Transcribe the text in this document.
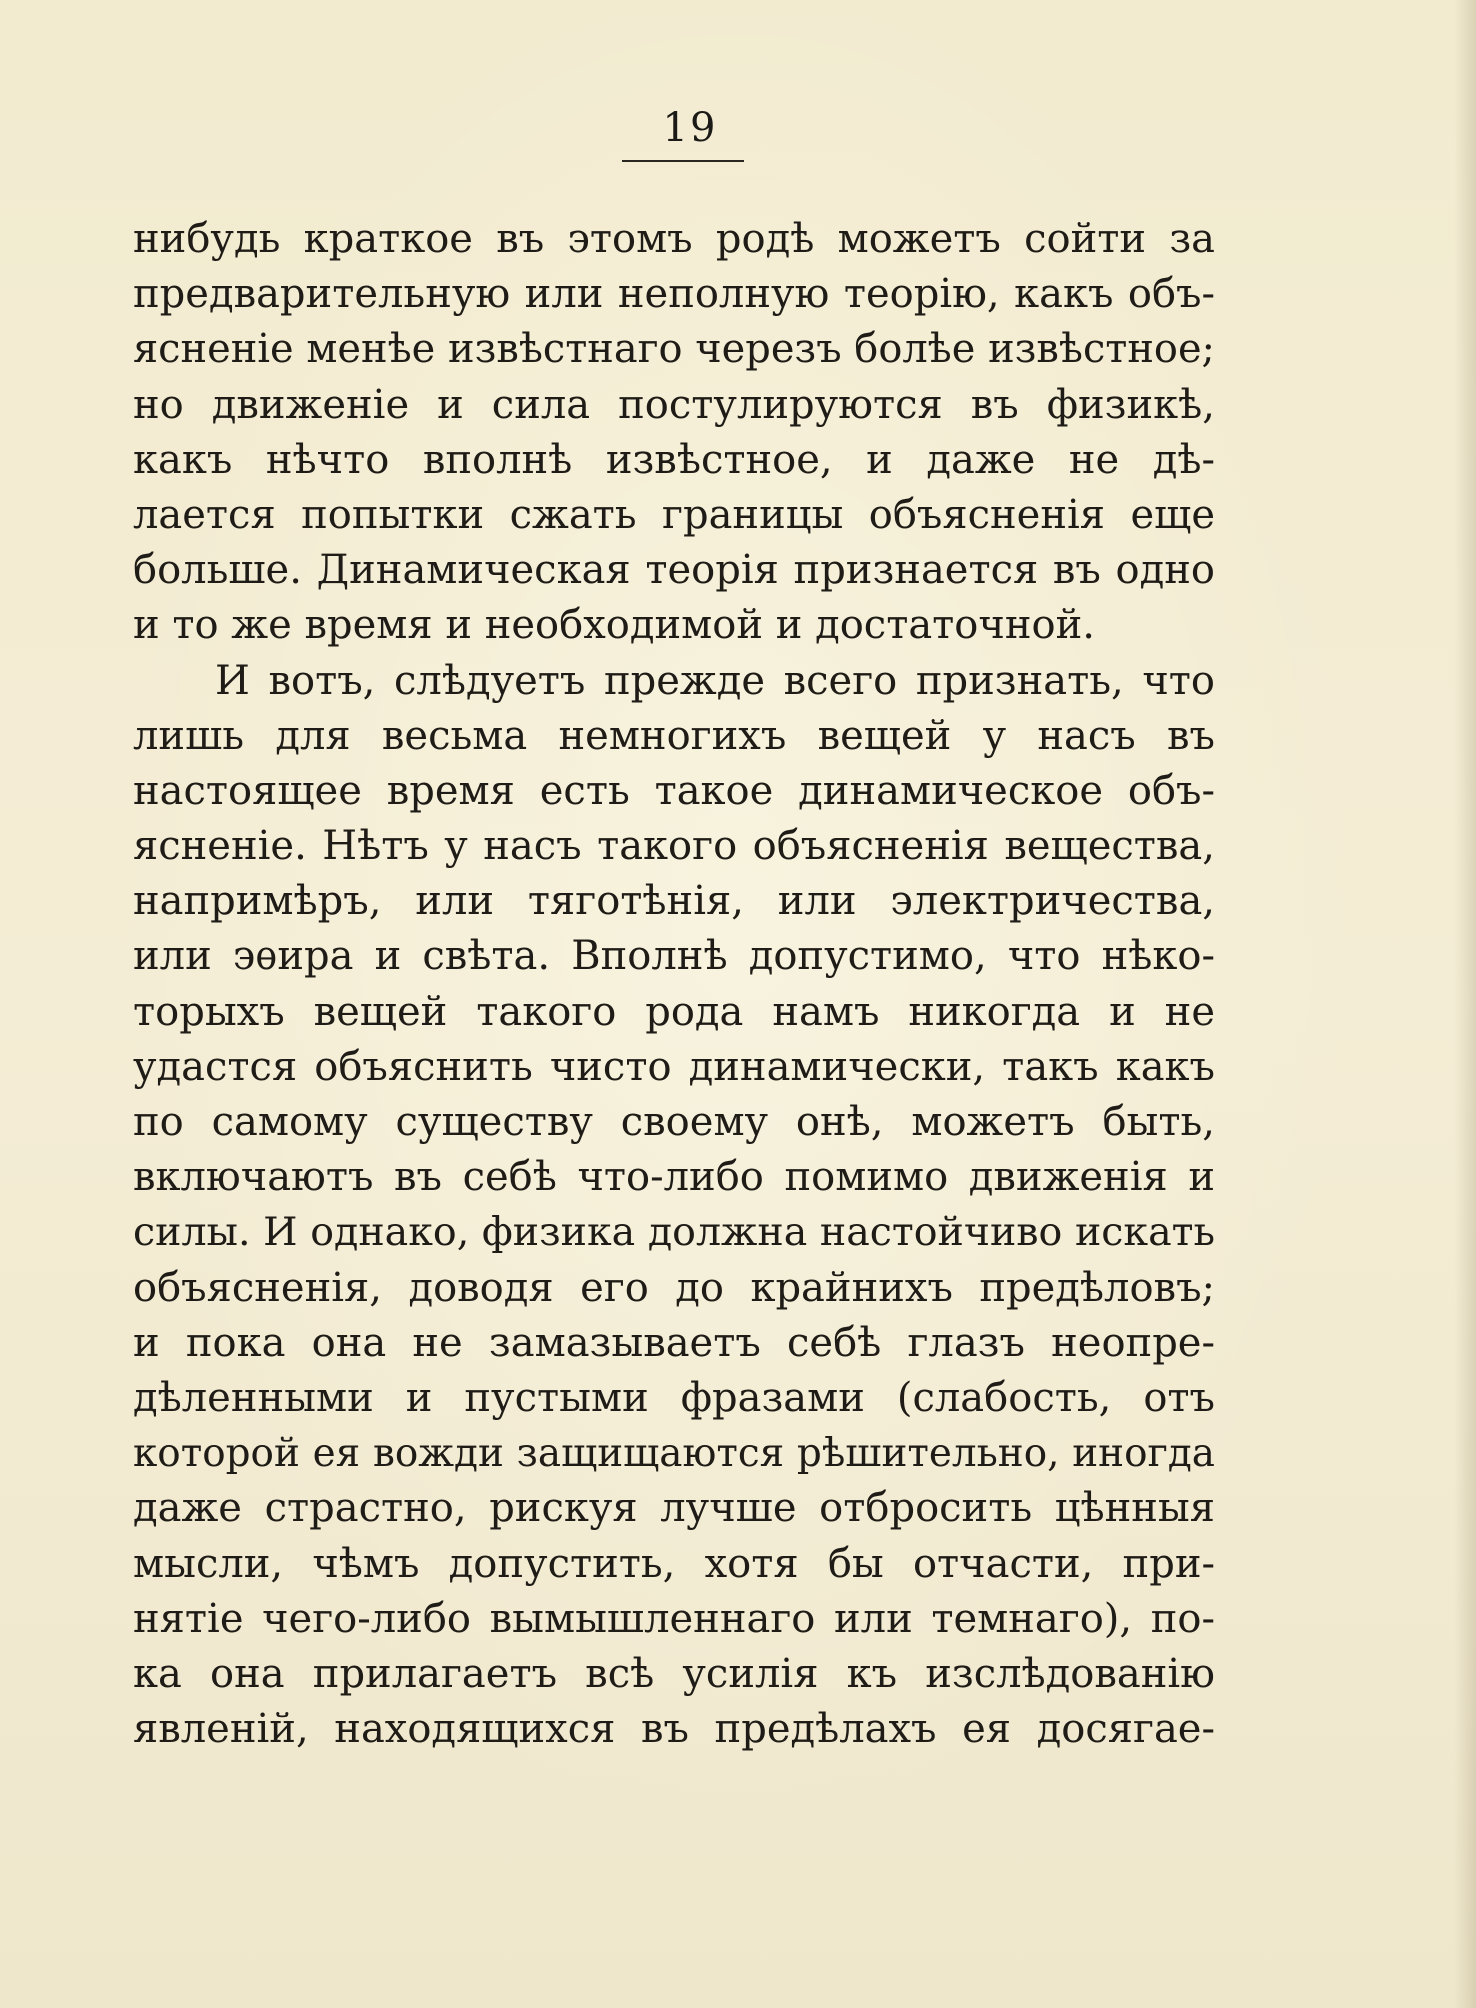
19
нибудь краткое въ этомъ родѣ можетъ сойти за
предварительную или неполную теорію, какъ объ-
ясненіе менѣе извѣстнаго черезъ болѣе извѣстное;
но движеніе и сила постулируются въ физикѣ,
какъ нѣчто вполнѣ извѣстное, и даже не дѣ-
лается попытки сжать границы объясненія еще
больше. Динамическая теорія признается въ одно
и то же время и необходимой и достаточной.
И вотъ, слѣдуетъ прежде всего признать, что
лишь для весьма немногихъ вещей у насъ въ
настоящее время есть такое динамическое объ-
ясненіе. Нѣтъ у насъ такого объясненія вещества,
напримѣръ, или тяготѣнія, или электричества,
или эѳира и свѣта. Вполнѣ допустимо, что нѣко-
торыхъ вещей такого рода намъ никогда и не
удастся объяснить чисто динамически, такъ какъ
по самому существу своему онѣ, можетъ быть,
включаютъ въ себѣ что-либо помимо движенія и
силы. И однако, физика должна настойчиво искать
объясненія, доводя его до крайнихъ предѣловъ;
и пока она не замазываетъ себѣ глазъ неопре-
дѣленными и пустыми фразами (слабость, отъ
которой ея вожди защищаются рѣшительно, иногда
даже страстно, рискуя лучше отбросить цѣнныя
мысли, чѣмъ допустить, хотя бы отчасти, при-
нятіе чего-либо вымышленнаго или темнаго), по-
ка она прилагаетъ всѣ усилія къ изслѣдованію
явленій, находящихся въ предѣлахъ ея досягае-
